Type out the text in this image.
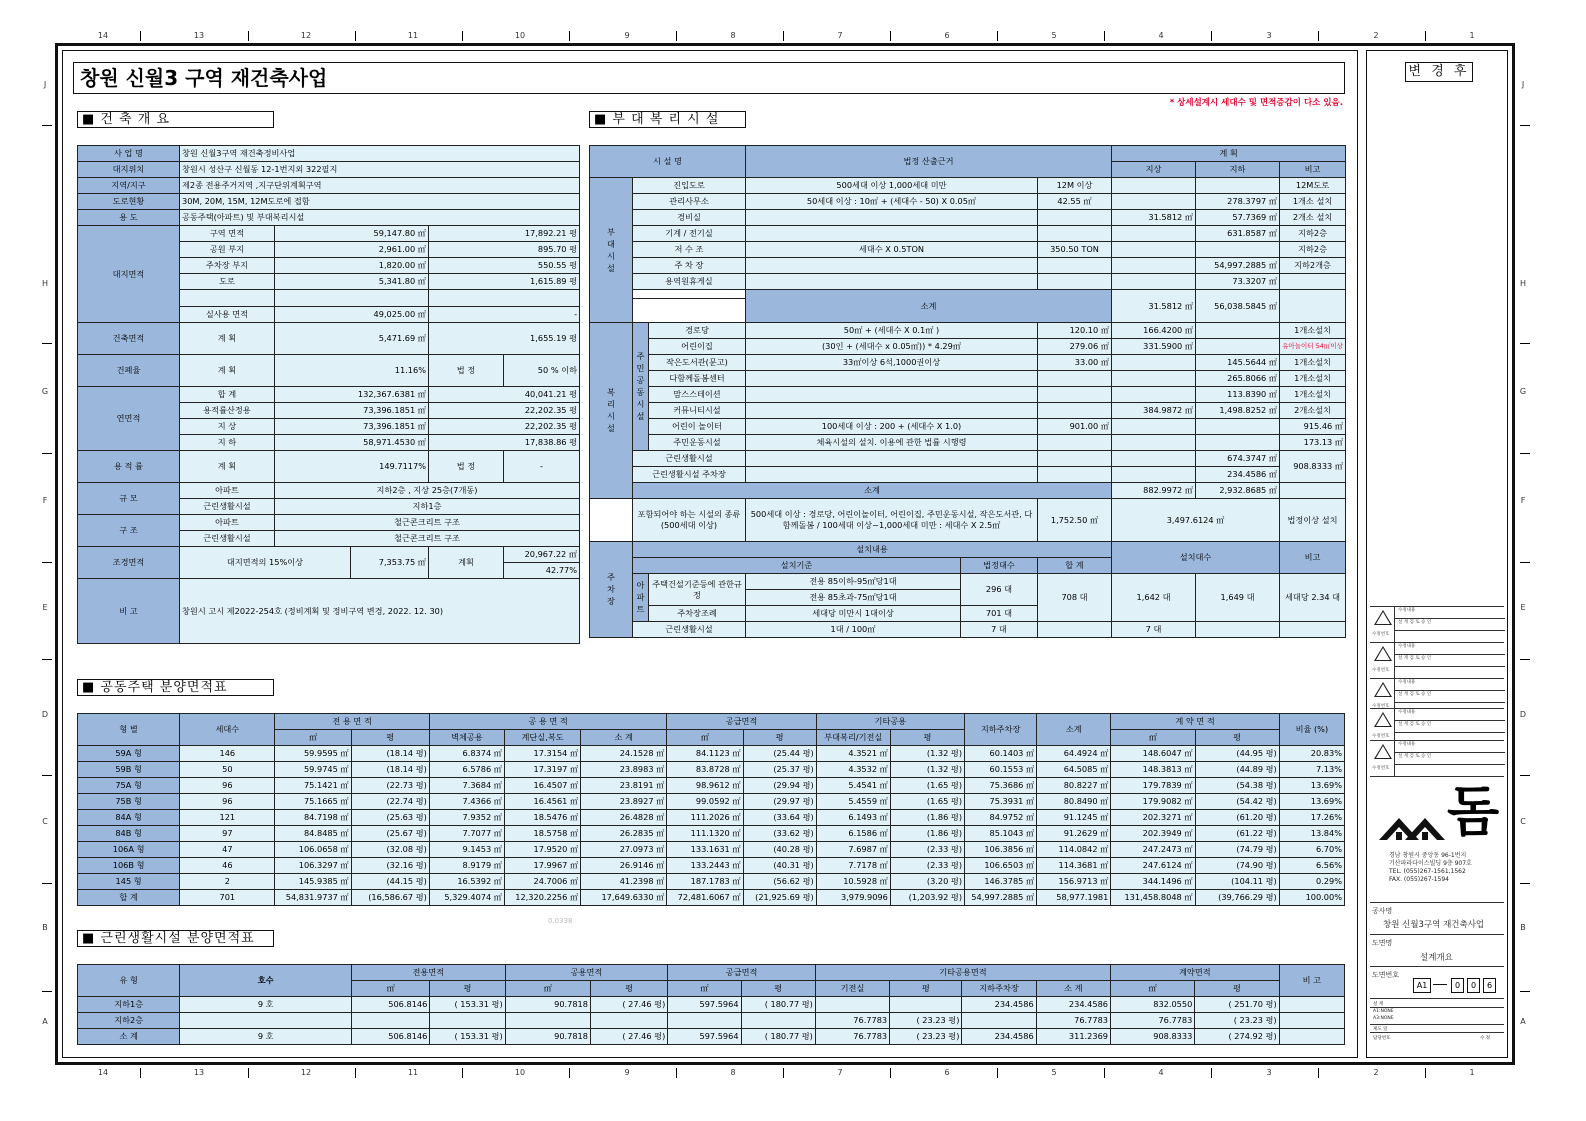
14	13	12	11	10	9	8	7	6	5	4	3	2	1
14	13	12	11	10	9	8	7	6	5	4	3	2	1
J
H
G
F
E
D
C
B
A
J
H
G
F
E
D
C
B
A
창원 신월3 구역 재건축사업
* 상세설계시 세대수 및 면적증감이 다소 있음.
■ 건 축 개 요	■ 부 대 복 리 시 설
■ 공동주택 분양면적표
■ 근린생활시설 분양면적표
사 업 명	창원 신월3구역 재건축정비사업				
대지위치	창원시 성산구 신월동 12-1번지외 322필지				
지역/지구	제2종 전용주거지역 ,지구단위계획구역				
도로현황	30M, 20M, 15M, 12M도로에 접함				
용 도	공동주택(아파트) 및 부대복리시설				
대지면적	구역 면적	59,147.80 ㎡		17,892.21 평	
	공원 부지	2,961.00 ㎡		895.70 평	
	주차장 부지	1,820.00 ㎡		550.55 평	
	도로	5,341.80 ㎡		1,615.89 평	

	실사용 면적	49,025.00 ㎡		-	
건축면적	계 획	5,471.69 ㎡		1,655.19 평	
건폐율	계 획	11.16%		법 정	50 % 이하
연면적	합 계	132,367.6381 ㎡		40,041.21 평	
	용적률산정용	73,396.1851 ㎡		22,202.35 평	
	지 상	73,396.1851 ㎡		22,202.35 평	
	지 하	58,971.4530 ㎡		17,838.86 평	
용 적 률	계 획	149.7117%		법 정	-
규 모	아파트	지하2층 , 지상 25층(7개동)			
	근린생활시설	지하1층			
구 조	아파트	철근콘크리트 구조			
	근린생활시설	철근콘크리트 구조			
조경면적	대지면적의 15%이상		7,353.75 ㎡	계획	20,967.22 ㎡
					42.77%
비 고	창원시 고시 제2022-254호 (정비계획 및 정비구역 변경, 2022. 12. 30)				
시 설 명			법정 산출근거			계 획		
						지상	지하	비고
부대시설	진입도로		500세대 이상 1,000세대 미만		12M 이상			12M도로
	관리사무소		50세대 이상 : 10㎡ + (세대수 - 50) X 0.05㎡		42.55 ㎡		278.3797 ㎡	1개소 설치
	경비실					31.5812 ㎡	57.7369 ㎡	2개소 설치
	기계 / 전기실						631.8587 ㎡	지하2층
	저 수 조		세대수 X 0.5TON		350.50 TON			지하2층
	주 차 장						54,997.2885 ㎡	지하2개층
	용역원휴게실						73.3207 ㎡	
			소계			31.5812 ㎡	56,038.5845 ㎡	

복리시설	주민공동시설	경로당	50㎡ + (세대수 X 0.1㎡ )		120.10 ㎡	166.4200 ㎡		1개소설치
		어린이집	(30인 + (세대수 x 0.05㎡)) * 4.29㎡		279.06 ㎡	331.5900 ㎡		유아놀이터 54㎡이상
		작은도서관(문고)	33㎡이상 6석,1000권이상		33.00 ㎡		145.5644 ㎡	1개소설치
		다함께돌봄센터					265.8066 ㎡	1개소설치
		맘스스테이션					113.8390 ㎡	1개소설치
		커뮤니티시설				384.9872 ㎡	1,498.8252 ㎡	2개소설치
		어린이 놀이터	100세대 이상 : 200 + (세대수 X 1.0)		901.00 ㎡			915.46 ㎡
		주민운동시설	체육시설의 설치. 이용에 관한 법률 시행령					173.13 ㎡
	근린생활시설						674.3747 ㎡	908.8333 ㎡
	근린생활시설 주차장						234.4586 ㎡	
	소계					882.9972 ㎡	2,932.8685 ㎡	
	포함되어야 하는 시설의 종류(500세대 이상)		500세대 이상 : 경로당, 어린이놀이터, 어린이집, 주민운동시설, 작은도서관, 다함께돌봄 / 100세대 이상~1,000세대 미만 : 세대수 X 2.5㎡		1,752.50 ㎡	3,497.6124 ㎡		법정이상 설치
주차장	설치내용					설치대수		비고
	설치기준			법정대수	합 계			
	아파트	주택건설기준등에 관한규정	전용 85이하-95㎡당1대	296 대	708 대	1,642 대	1,649 대	세대당 2.34 대
			전용 85초과-75㎡당1대					
		주차장조례	세대당 미만시 1대이상	701 대				
	근린생활시설		1대 / 100㎡	7 대		7 대		
형 별	세대수	전 용 면 적		공 용 면 적			공급면적		기타공용		지하주차장	소계	계 약 면 적		비율 (%)
		㎡	평	벽체공용	계단실,복도	소 계	㎡	평	부대복리/기전실	평			㎡	평	
59A 형	146	59.9595 ㎡	(18.14 평)	6.8374 ㎡	17.3154 ㎡	24.1528 ㎡	84.1123 ㎡	(25.44 평)	4.3521 ㎡	(1.32 평)	60.1403 ㎡	64.4924 ㎡	148.6047 ㎡	(44.95 평)	20.83%
59B 형	50	59.9745 ㎡	(18.14 평)	6.5786 ㎡	17.3197 ㎡	23.8983 ㎡	83.8728 ㎡	(25.37 평)	4.3532 ㎡	(1.32 평)	60.1553 ㎡	64.5085 ㎡	148.3813 ㎡	(44.89 평)	7.13%
75A 형	96	75.1421 ㎡	(22.73 평)	7.3684 ㎡	16.4507 ㎡	23.8191 ㎡	98.9612 ㎡	(29.94 평)	5.4541 ㎡	(1.65 평)	75.3686 ㎡	80.8227 ㎡	179.7839 ㎡	(54.38 평)	13.69%
75B 형	96	75.1665 ㎡	(22.74 평)	7.4366 ㎡	16.4561 ㎡	23.8927 ㎡	99.0592 ㎡	(29.97 평)	5.4559 ㎡	(1.65 평)	75.3931 ㎡	80.8490 ㎡	179.9082 ㎡	(54.42 평)	13.69%
84A 형	121	84.7198 ㎡	(25.63 평)	7.9352 ㎡	18.5476 ㎡	26.4828 ㎡	111.2026 ㎡	(33.64 평)	6.1493 ㎡	(1.86 평)	84.9752 ㎡	91.1245 ㎡	202.3271 ㎡	(61.20 평)	17.26%
84B 형	97	84.8485 ㎡	(25.67 평)	7.7077 ㎡	18.5758 ㎡	26.2835 ㎡	111.1320 ㎡	(33.62 평)	6.1586 ㎡	(1.86 평)	85.1043 ㎡	91.2629 ㎡	202.3949 ㎡	(61.22 평)	13.84%
106A 형	47	106.0658 ㎡	(32.08 평)	9.1453 ㎡	17.9520 ㎡	27.0973 ㎡	133.1631 ㎡	(40.28 평)	7.6987 ㎡	(2.33 평)	106.3856 ㎡	114.0842 ㎡	247.2473 ㎡	(74.79 평)	6.70%
106B 형	46	106.3297 ㎡	(32.16 평)	8.9179 ㎡	17.9967 ㎡	26.9146 ㎡	133.2443 ㎡	(40.31 평)	7.7178 ㎡	(2.33 평)	106.6503 ㎡	114.3681 ㎡	247.6124 ㎡	(74.90 평)	6.56%
145 형	2	145.9385 ㎡	(44.15 평)	16.5392 ㎡	24.7006 ㎡	41.2398 ㎡	187.1783 ㎡	(56.62 평)	10.5928 ㎡	(3.20 평)	146.3785 ㎡	156.9713 ㎡	344.1496 ㎡	(104.11 평)	0.29%
합 계	701	54,831.9737 ㎡	(16,586.67 평)	5,329.4074 ㎡	12,320.2256 ㎡	17,649.6330 ㎡	72,481.6067 ㎡	(21,925.69 평)	3,979.9096	(1,203.92 평)	54,997.2885 ㎡	58,977.1981	131,458.8048 ㎡	(39,766.29 평)	100.00%
0.0338
유 형	호수	전용면적		공용면적		공급면적		기타공용면적				계약면적		비 고
		㎡	평	㎡	평	㎡	평	기전실	평	지하주차장	소 계	㎡	평	
지하1층	9 호	506.8146	( 153.31 평)	90.7818	( 27.46 평)	597.5964	( 180.77 평)			234.4586	234.4586	832.0550	( 251.70 평)	
지하2층								76.7783	( 23.23 평)		76.7783	76.7783	( 23.23 평)	
소 계	9 호	506.8146	( 153.31 평)	90.7818	( 27.46 평)	597.5964	( 180.77 평)	76.7783	( 23.23 평)	234.4586	311.2369	908.8333	( 274.92 평)	
변 경 후
수정번호
수정내용
설 계 검 토 승 인
수정번호
수정내용
설 계 검 토 승 인
수정번호
수정내용
설 계 검 토 승 인
수정번호
수정내용
설 계 검 토 승 인
수정번호
수정내용
설 계 검 토 승 인
돔
경남 창원시 중앙동 96-1번지
기산파라다이스빌딩 9층 907호
TEL. (055)267-1561,1562
FAX. (055)267-1594
공사명
창원 신월3구역 재건축사업
도면명
설계개요
도면번호
A1	0	0	6
설 계
A1:NONE
A3:NONE
제도 일
담당번호	수 정
